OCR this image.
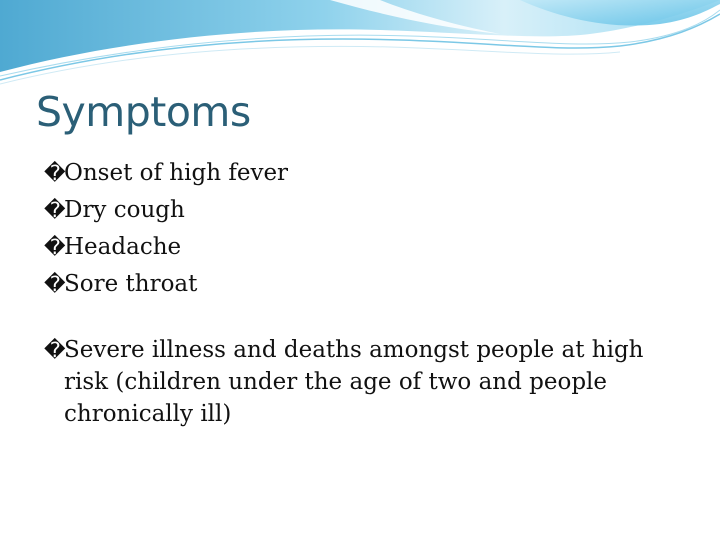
Symptoms
�
Onset of high fever
�
Dry cough
�
Headache
�
Sore throat
�
Severe illness and deaths amongst people at high risk (children under the age of two and people chronically ill)
